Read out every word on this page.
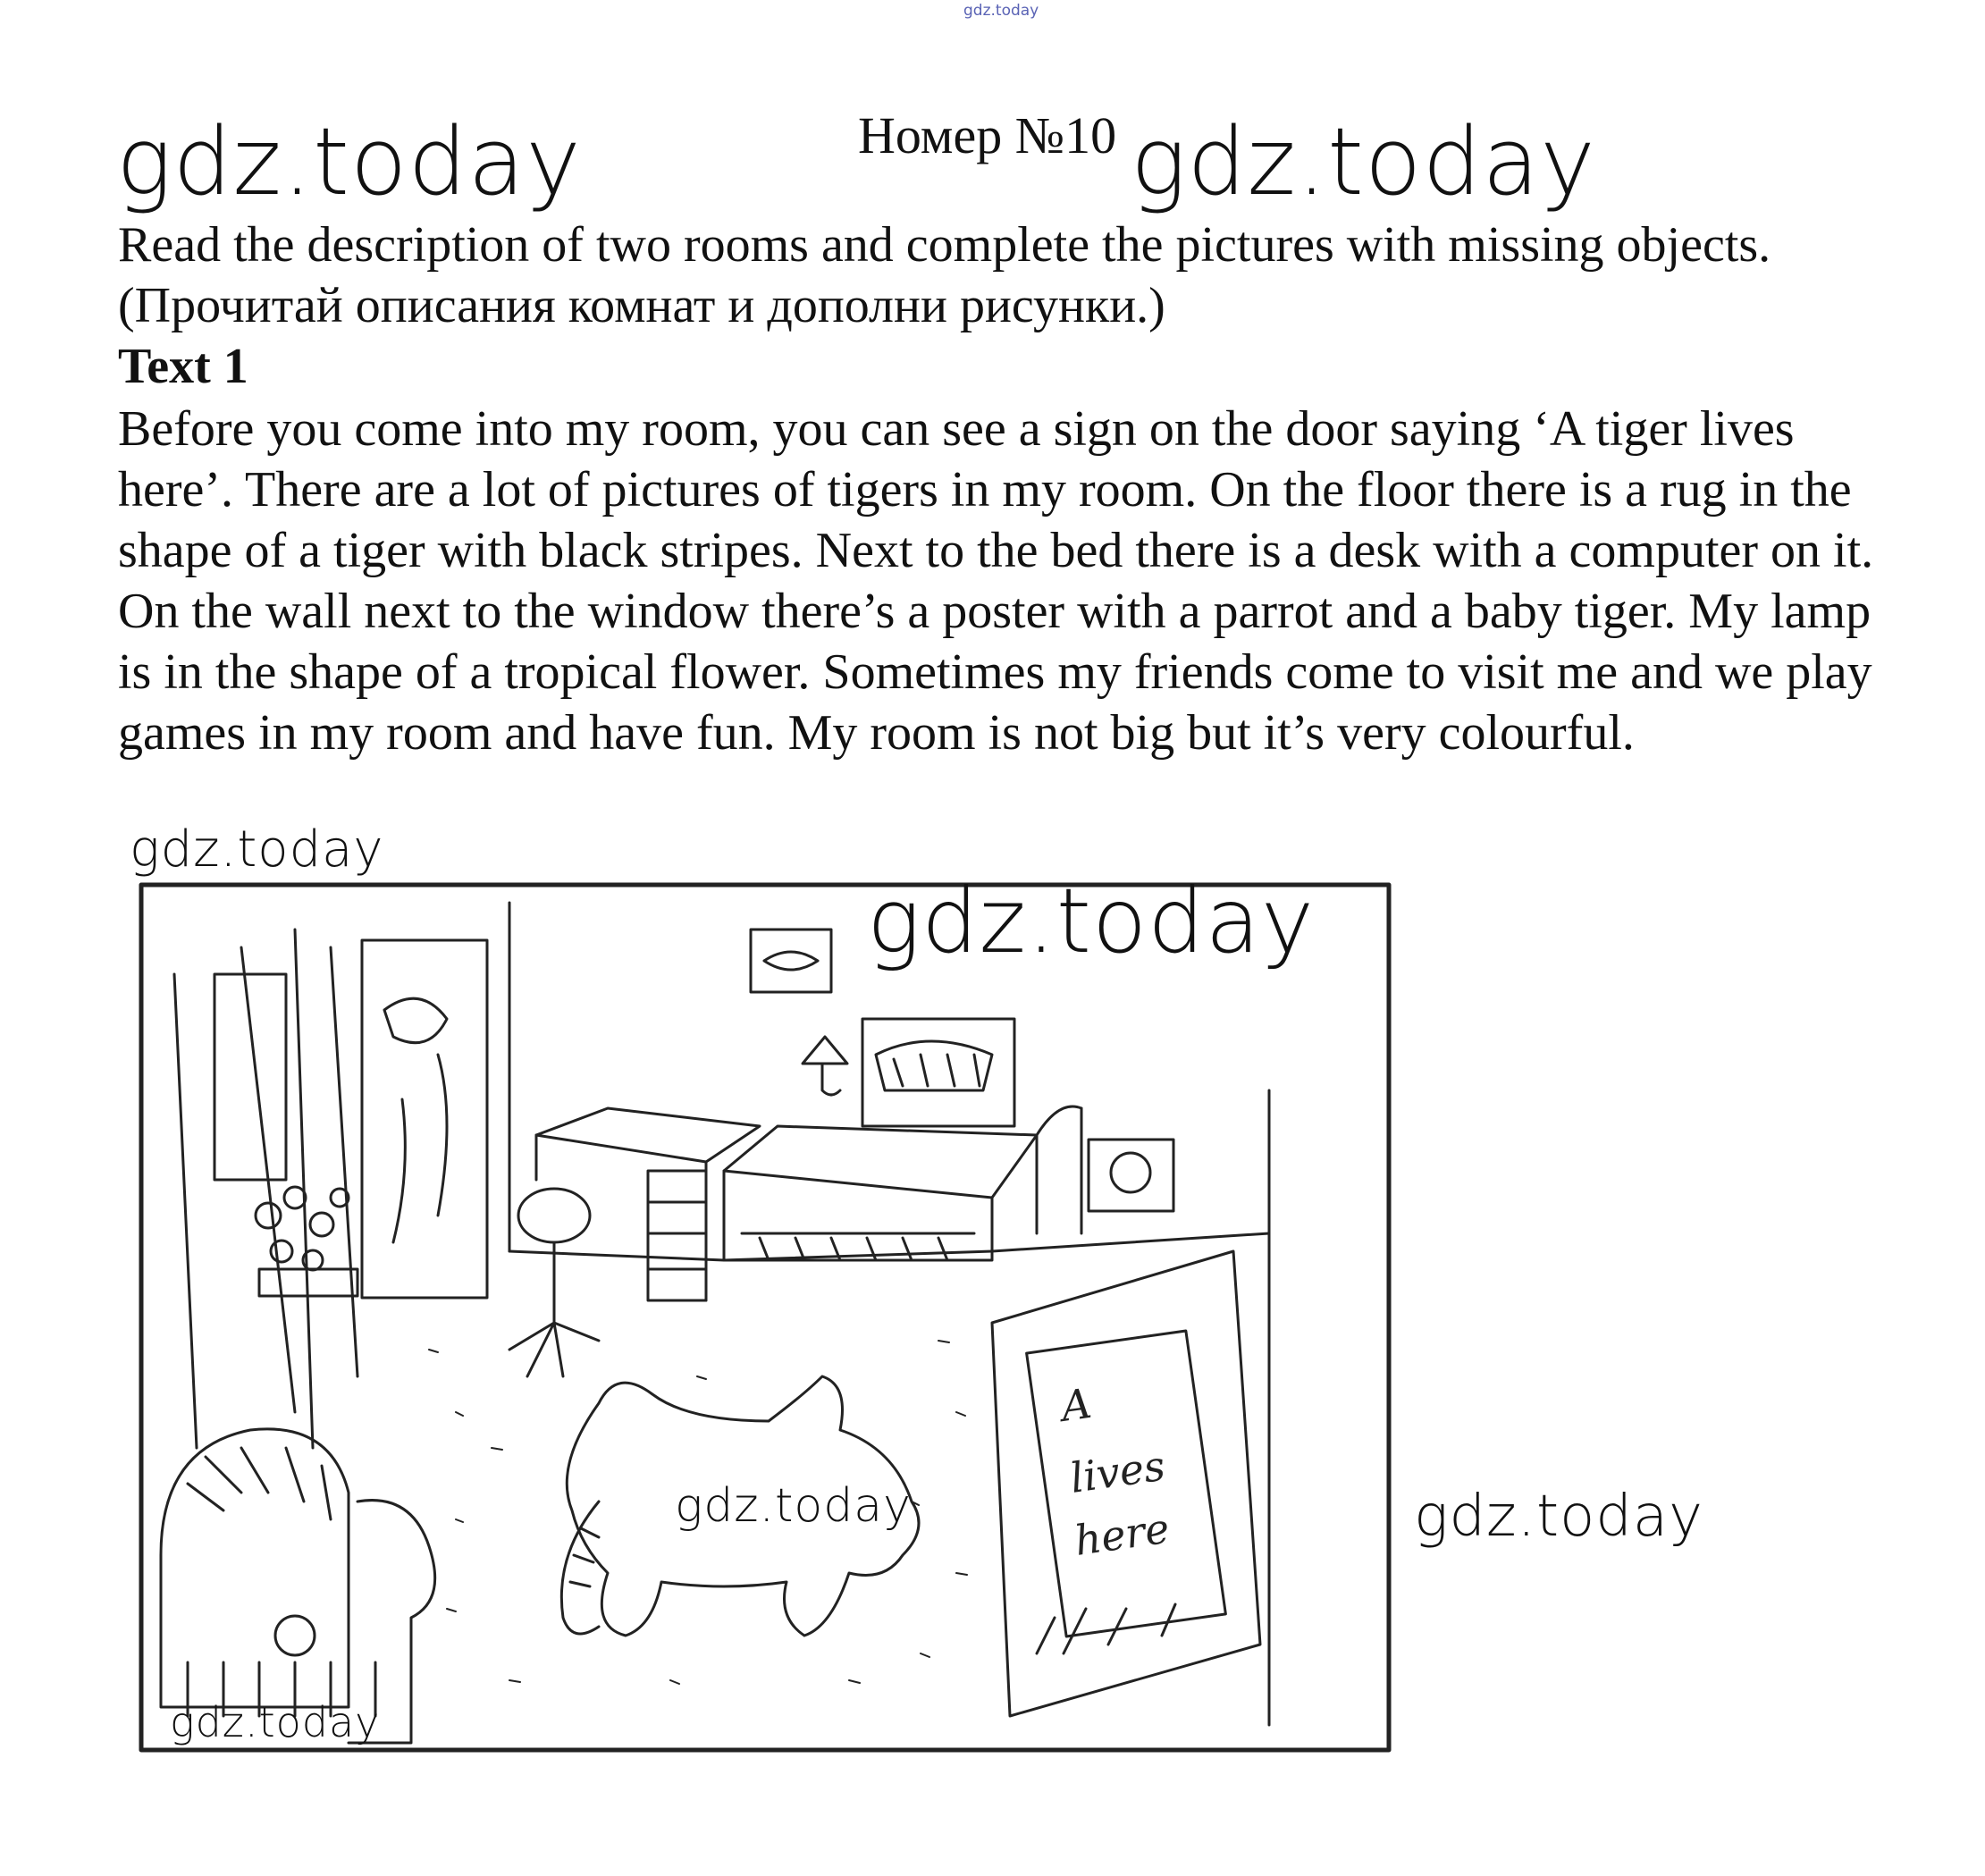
gdz.today
gdz.today	Номер №10 gdz.today
Read the description of two rooms and complete the pictures with missing objects. (Прочитай описания комнат и дополни рисунки.)
Text 1
Before you come into my room, you can see a sign on the door saying ‘A tiger lives here’. There are a lot of pictures of tigers in my room. On the floor there is a rug in the shape of a tiger with black stripes. Next to the bed there is a desk with a computer on it. On the wall next to the window there’s a poster with a parrot and a baby tiger. My lamp is in the shape of a tropical flower. Sometimes my friends come to visit me and we play games in my room and have fun. My room is not big but it’s very colourful.
gdz.today
A
lives
here
gdz.today
gdz.today
gdz.today
gdz.today
